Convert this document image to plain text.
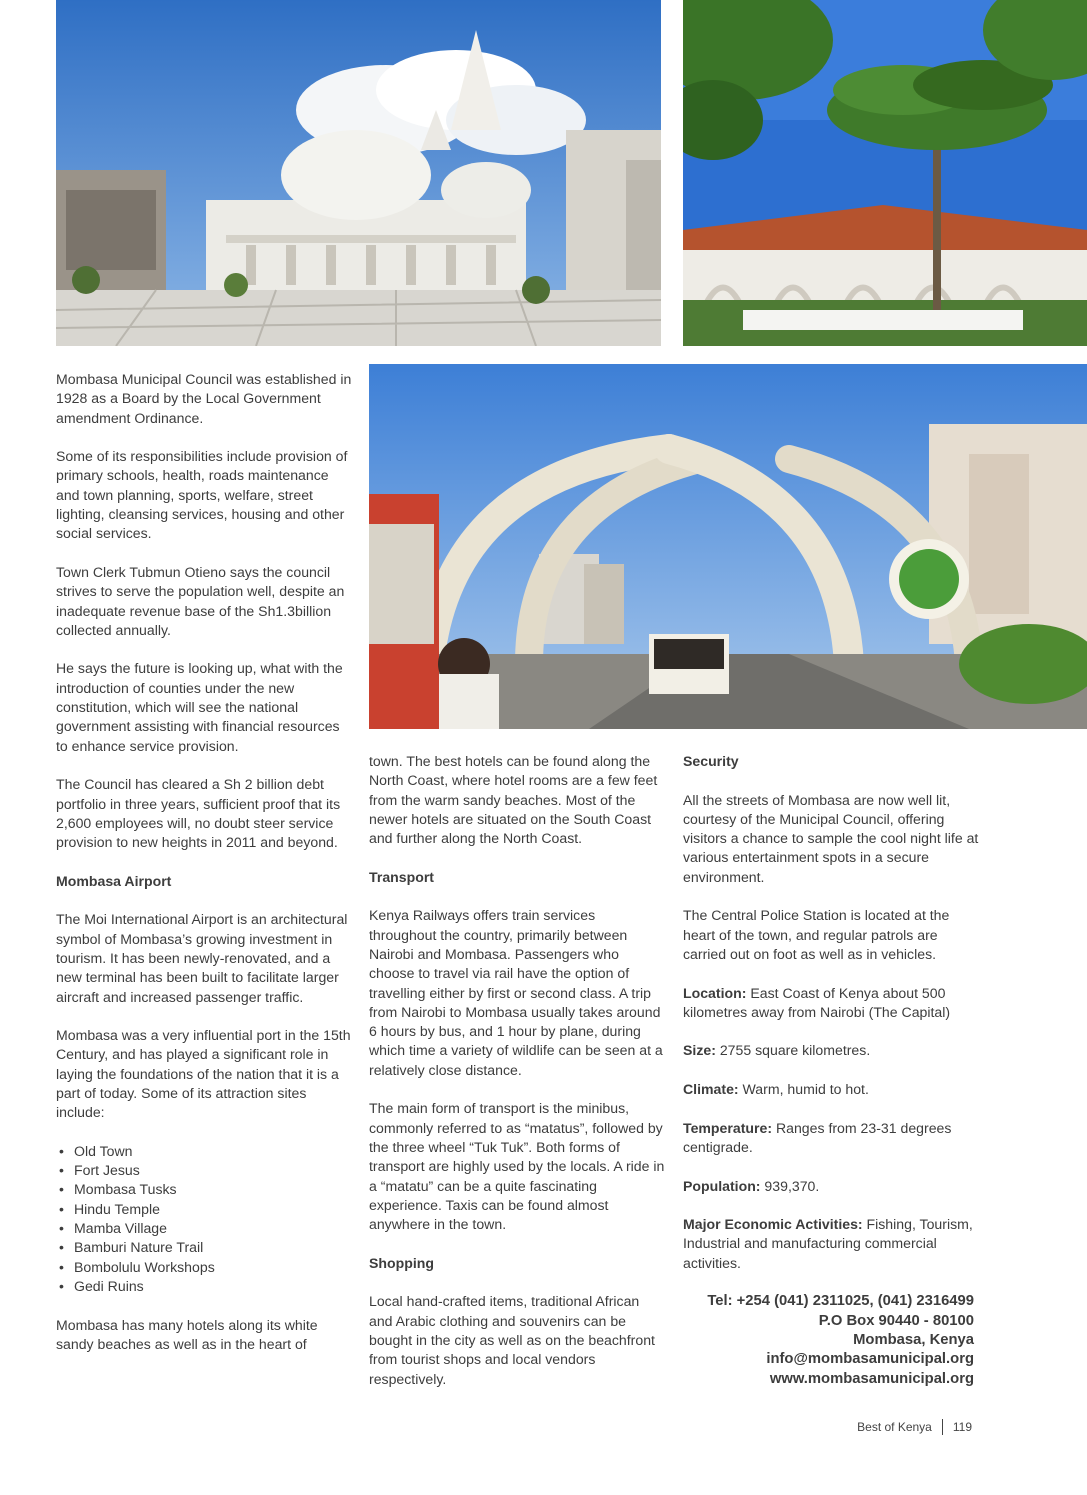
Mombasa Municipal Council was established in 1928 as a Board by the Local Government amendment Ordinance.

Some of its responsibilities include provision of primary schools, health, roads maintenance and town planning, sports, welfare, street lighting, cleansing services, housing and other social services.

Town Clerk Tubmun Otieno says the council strives to serve the population well, despite an inadequate revenue base of the Sh1.3billion collected annually.

He says the future is looking up, what with the introduction of counties under the new constitution, which will see the national government assisting with financial resources to enhance service provision.

The Council has cleared a Sh 2 billion debt portfolio in three years, sufficient proof that its 2,600 employees will, no doubt steer service provision to new heights in 2011 and beyond.

Mombasa Airport

The Moi International Airport is an architectural symbol of Mombasa’s growing investment in tourism. It has been newly-renovated, and a new terminal has been built to facilitate larger aircraft and increased passenger traffic.

Mombasa was a very influential port in the 15th Century, and has played a significant role in laying the foundations of the nation that it is a part of today. Some of its attraction sites include:

• Old Town
• Fort Jesus
• Mombasa Tusks
• Hindu Temple
• Mamba Village
• Bamburi Nature Trail
• Bombolulu Workshops
• Gedi Ruins

Mombasa has many hotels along its white sandy beaches as well as in the heart of

town. The best hotels can be found along the North Coast, where hotel rooms are a few feet from the warm sandy beaches. Most of the newer hotels are situated on the South Coast and further along the North Coast.

Transport

Kenya Railways offers train services throughout the country, primarily between Nairobi and Mombasa. Passengers who choose to travel via rail have the option of travelling either by first or second class. A trip from Nairobi to Mombasa usually takes around 6 hours by bus, and 1 hour by plane, during which time a variety of wildlife can be seen at a relatively close distance.

The main form of transport is the minibus, commonly referred to as “matatus”, followed by the three wheel “Tuk Tuk”. Both forms of transport are highly used by the locals. A ride in a “matatu” can be a quite fascinating experience. Taxis can be found almost anywhere in the town.

Shopping

Local hand-crafted items, traditional African and Arabic clothing and souvenirs can be bought in the city as well as on the beachfront from tourist shops and local vendors respectively.

Security

All the streets of Mombasa are now well lit, courtesy of the Municipal Council, offering visitors a chance to sample the cool night life at various entertainment spots in a secure environment.

The Central Police Station is located at the heart of the town, and regular patrols are carried out on foot as well as in vehicles.

Location: East Coast of Kenya about 500 kilometres away from Nairobi (The Capital)

Size: 2755 square kilometres.

Climate: Warm, humid to hot.

Temperature: Ranges from 23-31 degrees centigrade.

Population: 939,370.

Major Economic Activities: Fishing, Tourism, Industrial and manufacturing commercial activities.

Tel: +254 (041) 2311025, (041) 2316499
P.O Box 90440 - 80100
Mombasa, Kenya
info@mombasamunicipal.org
www.mombasamunicipal.org
Best of Kenya 119
